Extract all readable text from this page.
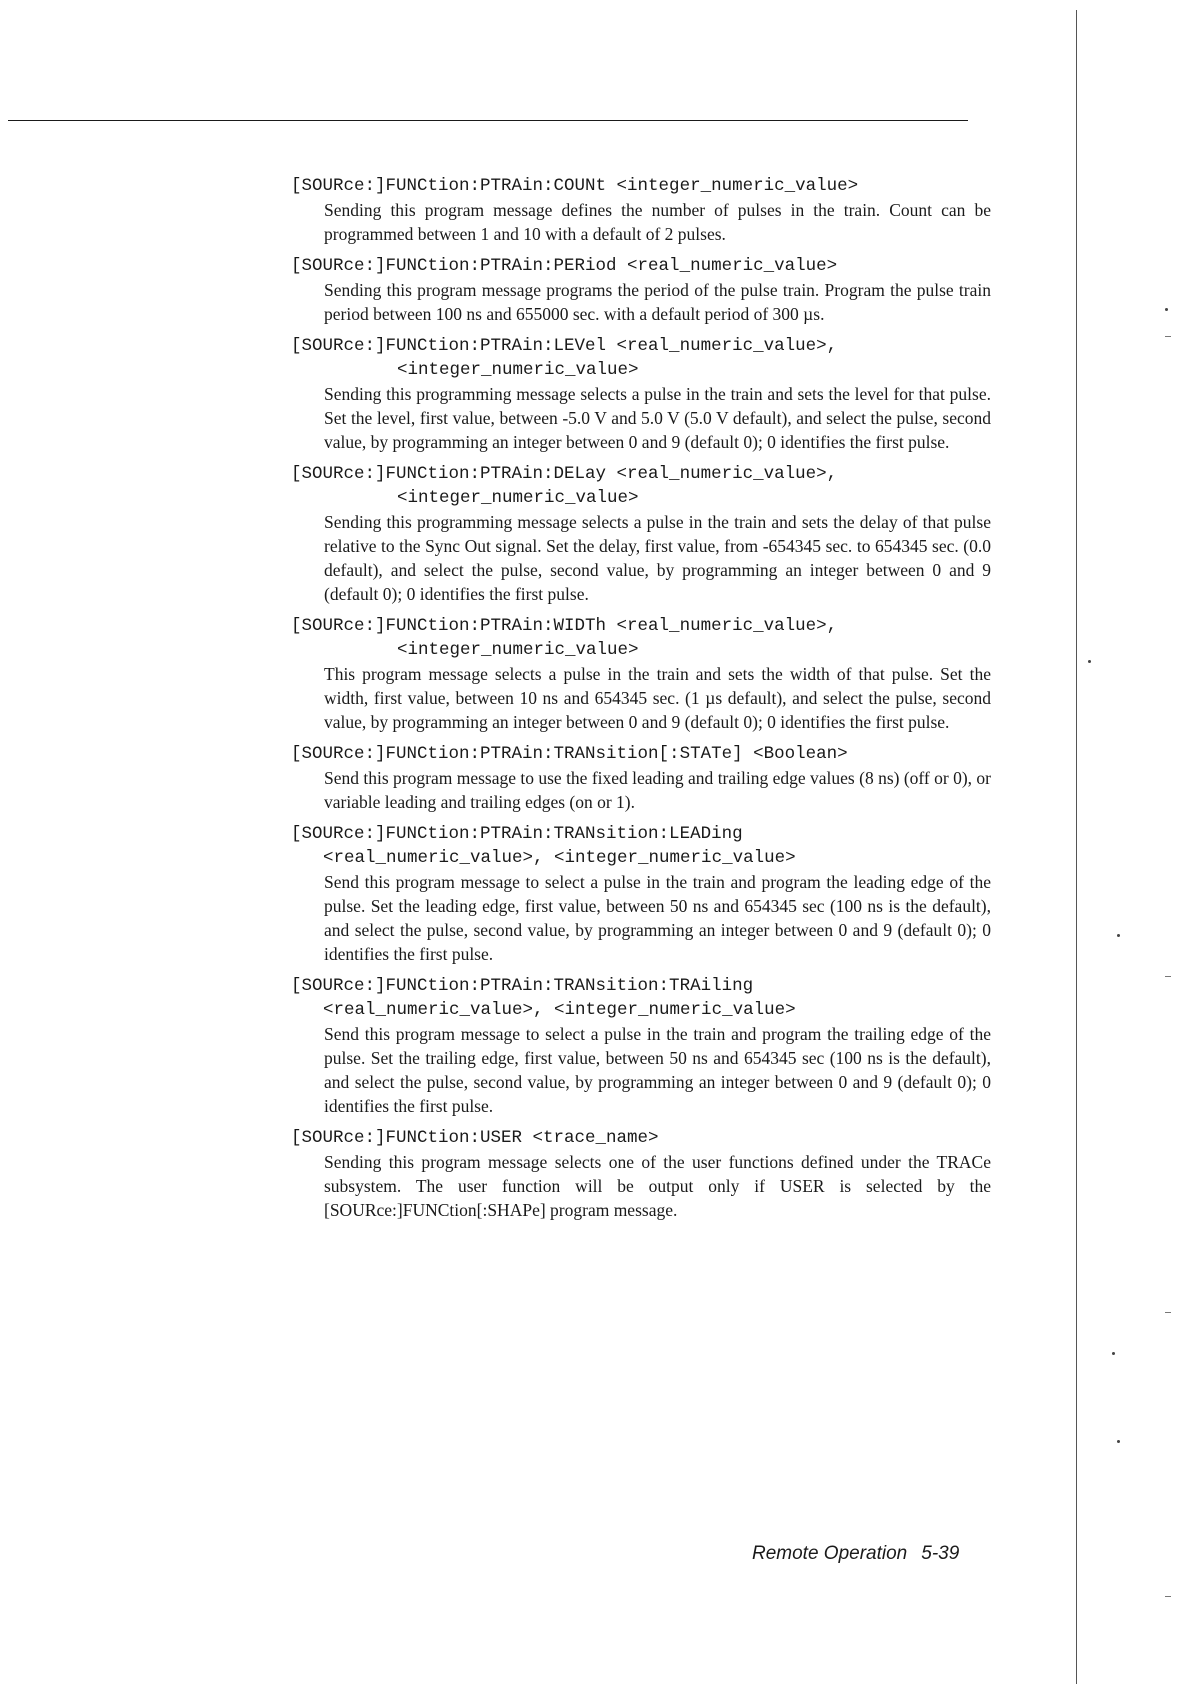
[SOURce:]FUNCtion:PTRAin:COUNt <integer_numeric_value>
Sending this program message defines the number of pulses in the train. Count can be programmed between 1 and 10 with a default of 2 pulses.
[SOURce:]FUNCtion:PTRAin:PERiod <real_numeric_value>
Sending this program message programs the period of the pulse train. Program the pulse train period between 100 ns and 655000 sec. with a default period of 300 µs.
[SOURce:]FUNCtion:PTRAin:LEVel <real_numeric_value>,
<integer_numeric_value>
Sending this programming message selects a pulse in the train and sets the level for that pulse. Set the level, first value, between -5.0 V and 5.0 V (5.0 V default), and select the pulse, second value, by programming an integer between 0 and 9 (default 0); 0 identifies the first pulse.
[SOURce:]FUNCtion:PTRAin:DELay <real_numeric_value>,
<integer_numeric_value>
Sending this programming message selects a pulse in the train and sets the delay of that pulse relative to the Sync Out signal. Set the delay, first value, from -654345 sec. to 654345 sec. (0.0 default), and select the pulse, second value, by programming an integer between 0 and 9 (default 0); 0 identifies the first pulse.
[SOURce:]FUNCtion:PTRAin:WIDTh <real_numeric_value>,
<integer_numeric_value>
This program message selects a pulse in the train and sets the width of that pulse. Set the width, first value, between 10 ns and 654345 sec. (1 µs default), and select the pulse, second value, by programming an integer between 0 and 9 (default 0); 0 identifies the first pulse.
[SOURce:]FUNCtion:PTRAin:TRANsition[:STATe] <Boolean>
Send this program message to use the fixed leading and trailing edge values (8 ns) (off or 0), or variable leading and trailing edges (on or 1).
[SOURce:]FUNCtion:PTRAin:TRANsition:LEADing
<real_numeric_value>, <integer_numeric_value>
Send this program message to select a pulse in the train and program the leading edge of the pulse. Set the leading edge, first value, between 50 ns and 654345 sec (100 ns is the default), and select the pulse, second value, by programming an integer between 0 and 9 (default 0); 0 identifies the first pulse.
[SOURce:]FUNCtion:PTRAin:TRANsition:TRAiling
<real_numeric_value>, <integer_numeric_value>
Send this program message to select a pulse in the train and program the trailing edge of the pulse. Set the trailing edge, first value, between 50 ns and 654345 sec (100 ns is the default), and select the pulse, second value, by programming an integer between 0 and 9 (default 0); 0 identifies the first pulse.
[SOURce:]FUNCtion:USER <trace_name>
Sending this program message selects one of the user functions defined under the TRACe subsystem. The user function will be output only if USER is selected by the [SOURce:]FUNCtion[:SHAPe] program message.
Remote Operation 5-39
